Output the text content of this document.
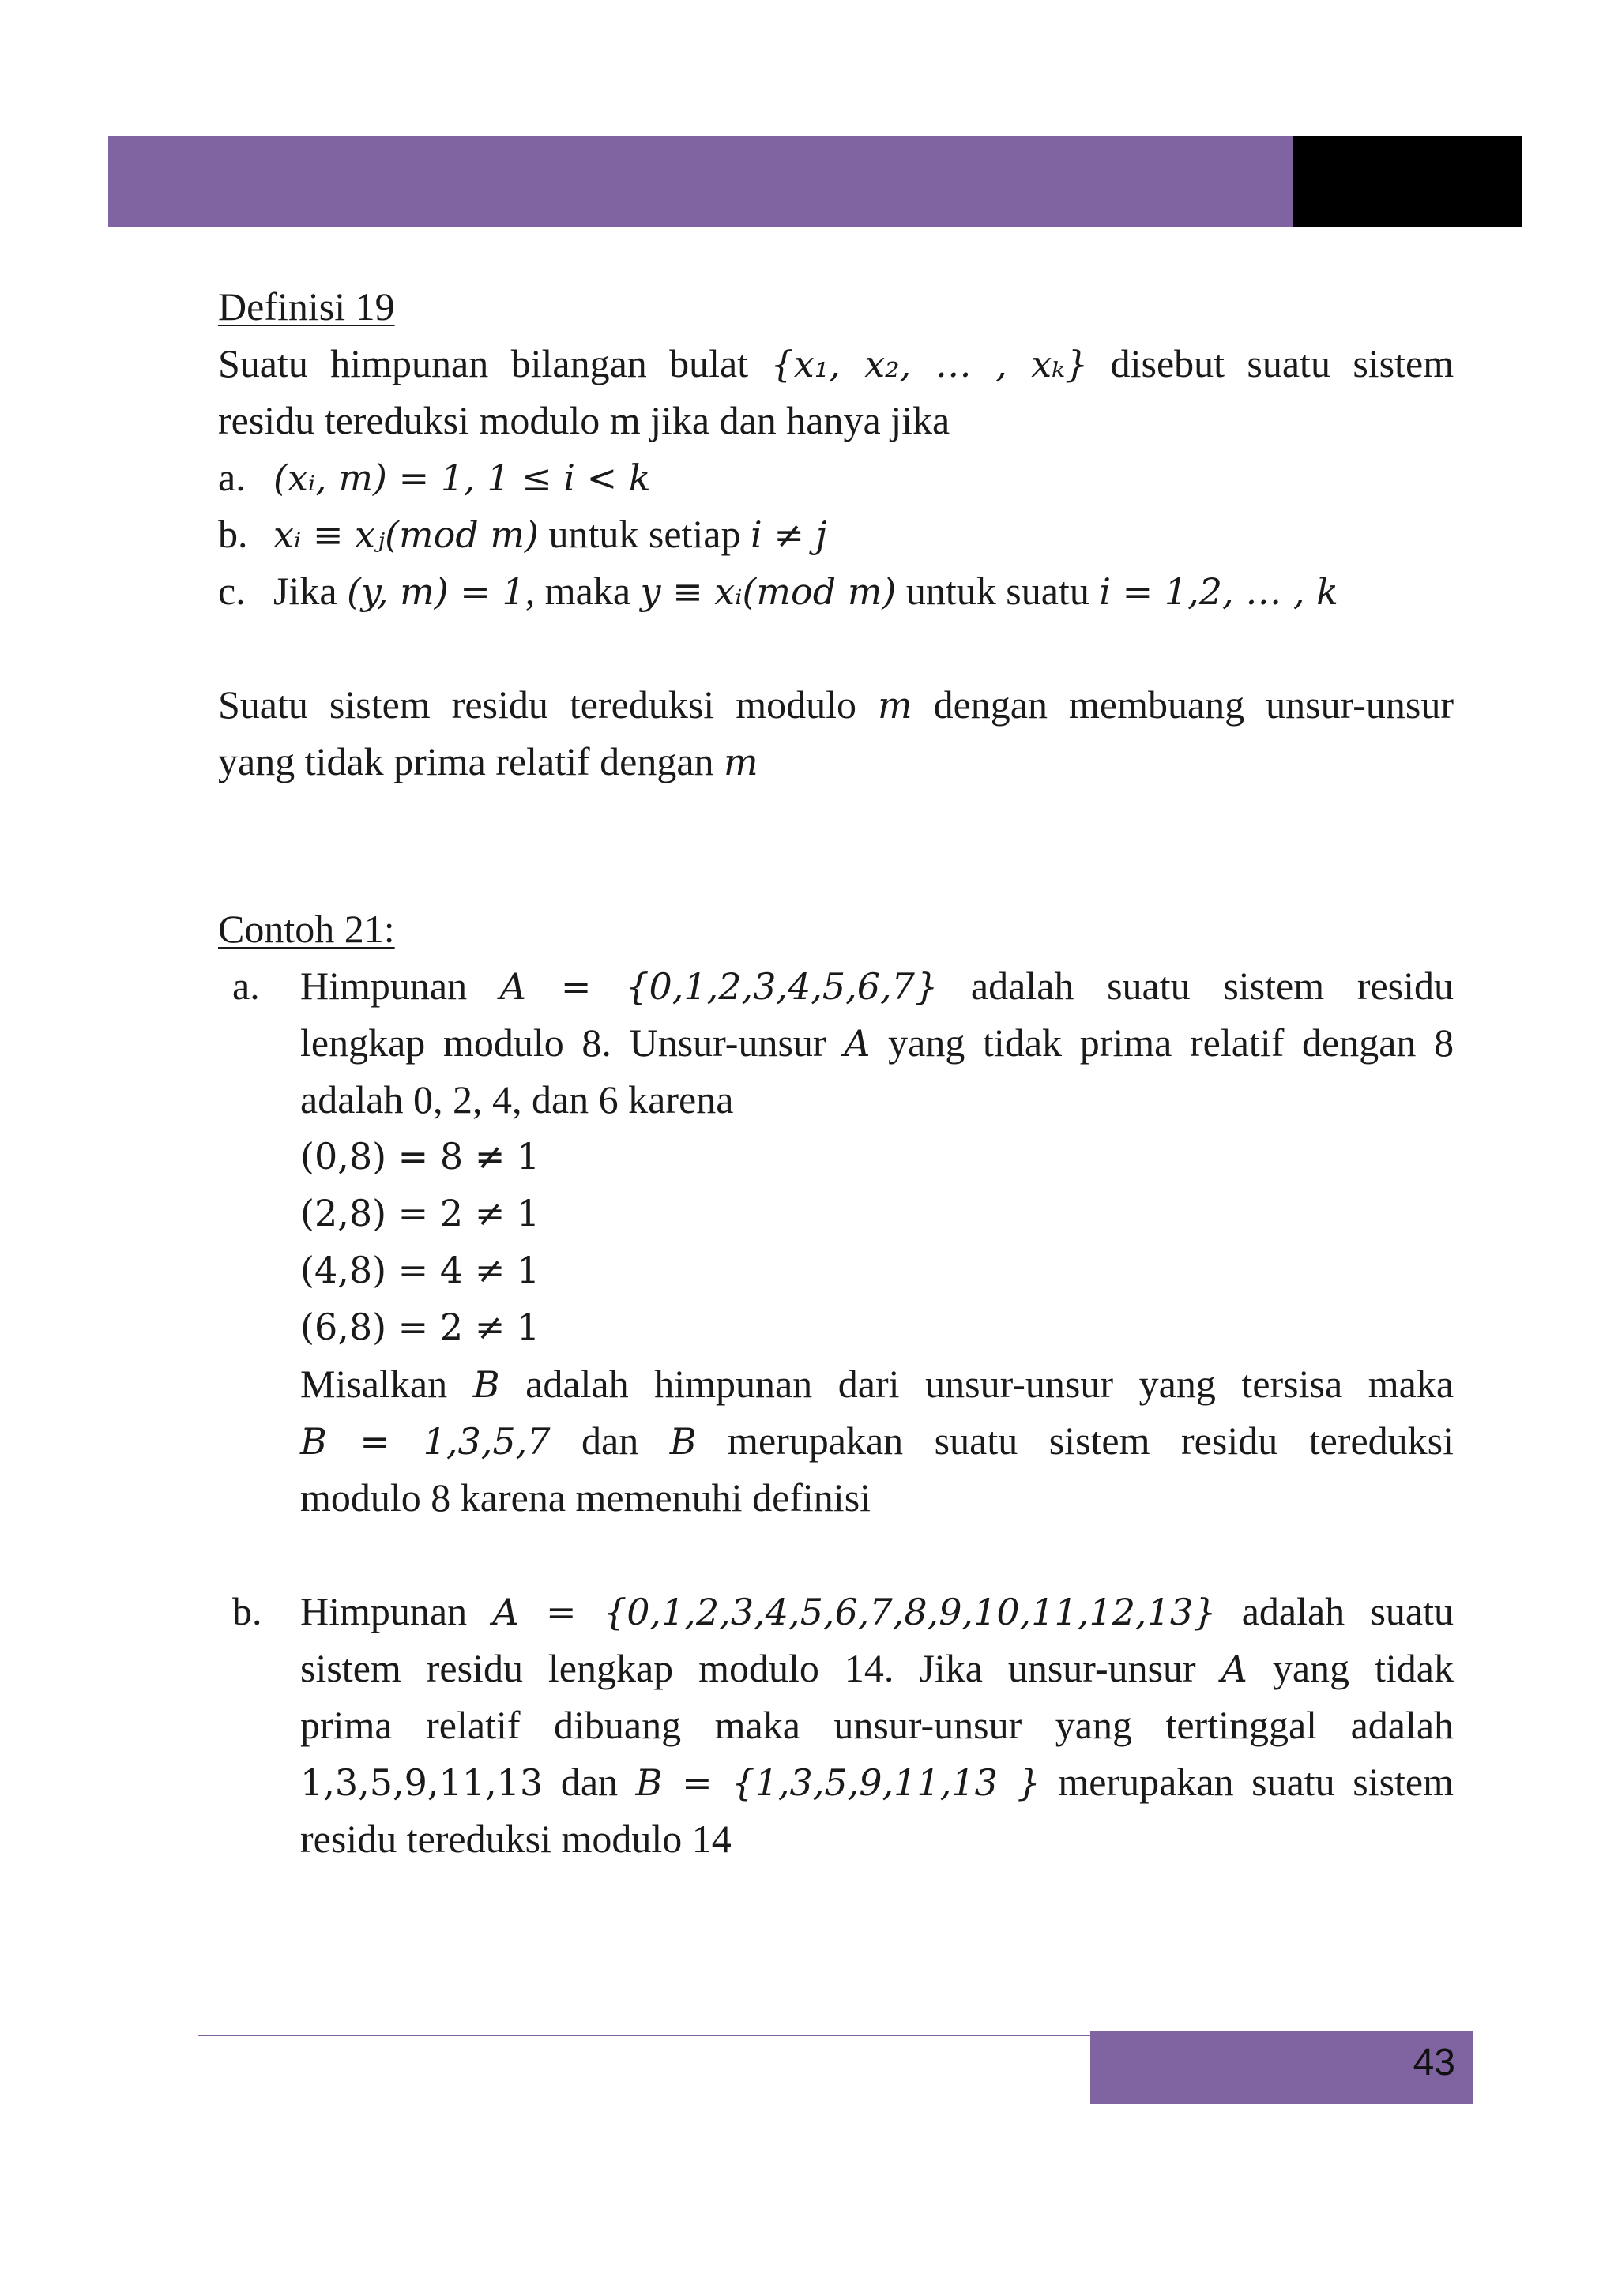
Definisi 19
Suatu himpunan bilangan bulat {x₁, x₂, … , xₖ} disebut suatu sistem
residu tereduksi modulo m jika dan hanya jika
a. (xᵢ, m) = 1, 1 ≤ i < k
b. xᵢ ≡ xⱼ(mod m) untuk setiap i ≠ j
c. Jika (y, m) = 1, maka y ≡ xᵢ(mod m) untuk suatu i = 1,2, … , k
Suatu sistem residu tereduksi modulo m dengan membuang unsur-unsur
yang tidak prima relatif dengan m
Contoh 21:
a. Himpunan A = {0,1,2,3,4,5,6,7} adalah suatu sistem residu
lengkap modulo 8. Unsur-unsur A yang tidak prima relatif dengan 8
adalah 0, 2, 4, dan 6 karena
(0,8) = 8 ≠ 1
(2,8) = 2 ≠ 1
(4,8) = 4 ≠ 1
(6,8) = 2 ≠ 1
Misalkan B adalah himpunan dari unsur-unsur yang tersisa maka
B = 1,3,5,7 dan B merupakan suatu sistem residu tereduksi
modulo 8 karena memenuhi definisi
b. Himpunan A = {0,1,2,3,4,5,6,7,8,9,10,11,12,13} adalah suatu
sistem residu lengkap modulo 14. Jika unsur-unsur A yang tidak
prima relatif dibuang maka unsur-unsur yang tertinggal adalah
1,3,5,9,11,13 dan B = {1,3,5,9,11,13 } merupakan suatu sistem
residu tereduksi modulo 14
43
